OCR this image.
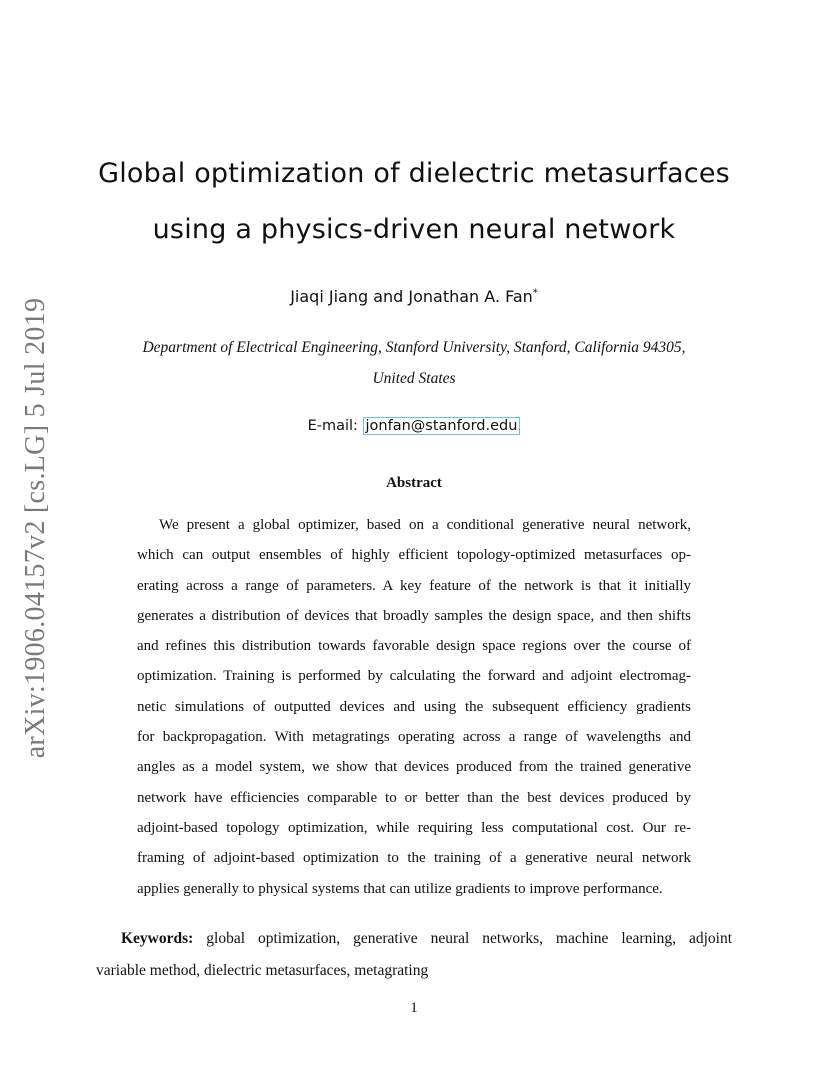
arXiv:1906.04157v2 [cs.LG] 5 Jul 2019
Global optimization of dielectric metasurfaces
using a physics-driven neural network
Jiaqi Jiang and Jonathan A. Fan*
Department of Electrical Engineering, Stanford University, Stanford, California 94305,
United States
E-mail: jonfan@stanford.edu
Abstract
We present a global optimizer, based on a conditional generative neural network,
which can output ensembles of highly efficient topology-optimized metasurfaces op-
erating across a range of parameters. A key feature of the network is that it initially
generates a distribution of devices that broadly samples the design space, and then shifts
and refines this distribution towards favorable design space regions over the course of
optimization. Training is performed by calculating the forward and adjoint electromag-
netic simulations of outputted devices and using the subsequent efficiency gradients
for backpropagation. With metagratings operating across a range of wavelengths and
angles as a model system, we show that devices produced from the trained generative
network have efficiencies comparable to or better than the best devices produced by
adjoint-based topology optimization, while requiring less computational cost. Our re-
framing of adjoint-based optimization to the training of a generative neural network
applies generally to physical systems that can utilize gradients to improve performance.
Keywords: global optimization, generative neural networks, machine learning, adjoint
variable method, dielectric metasurfaces, metagrating
1
